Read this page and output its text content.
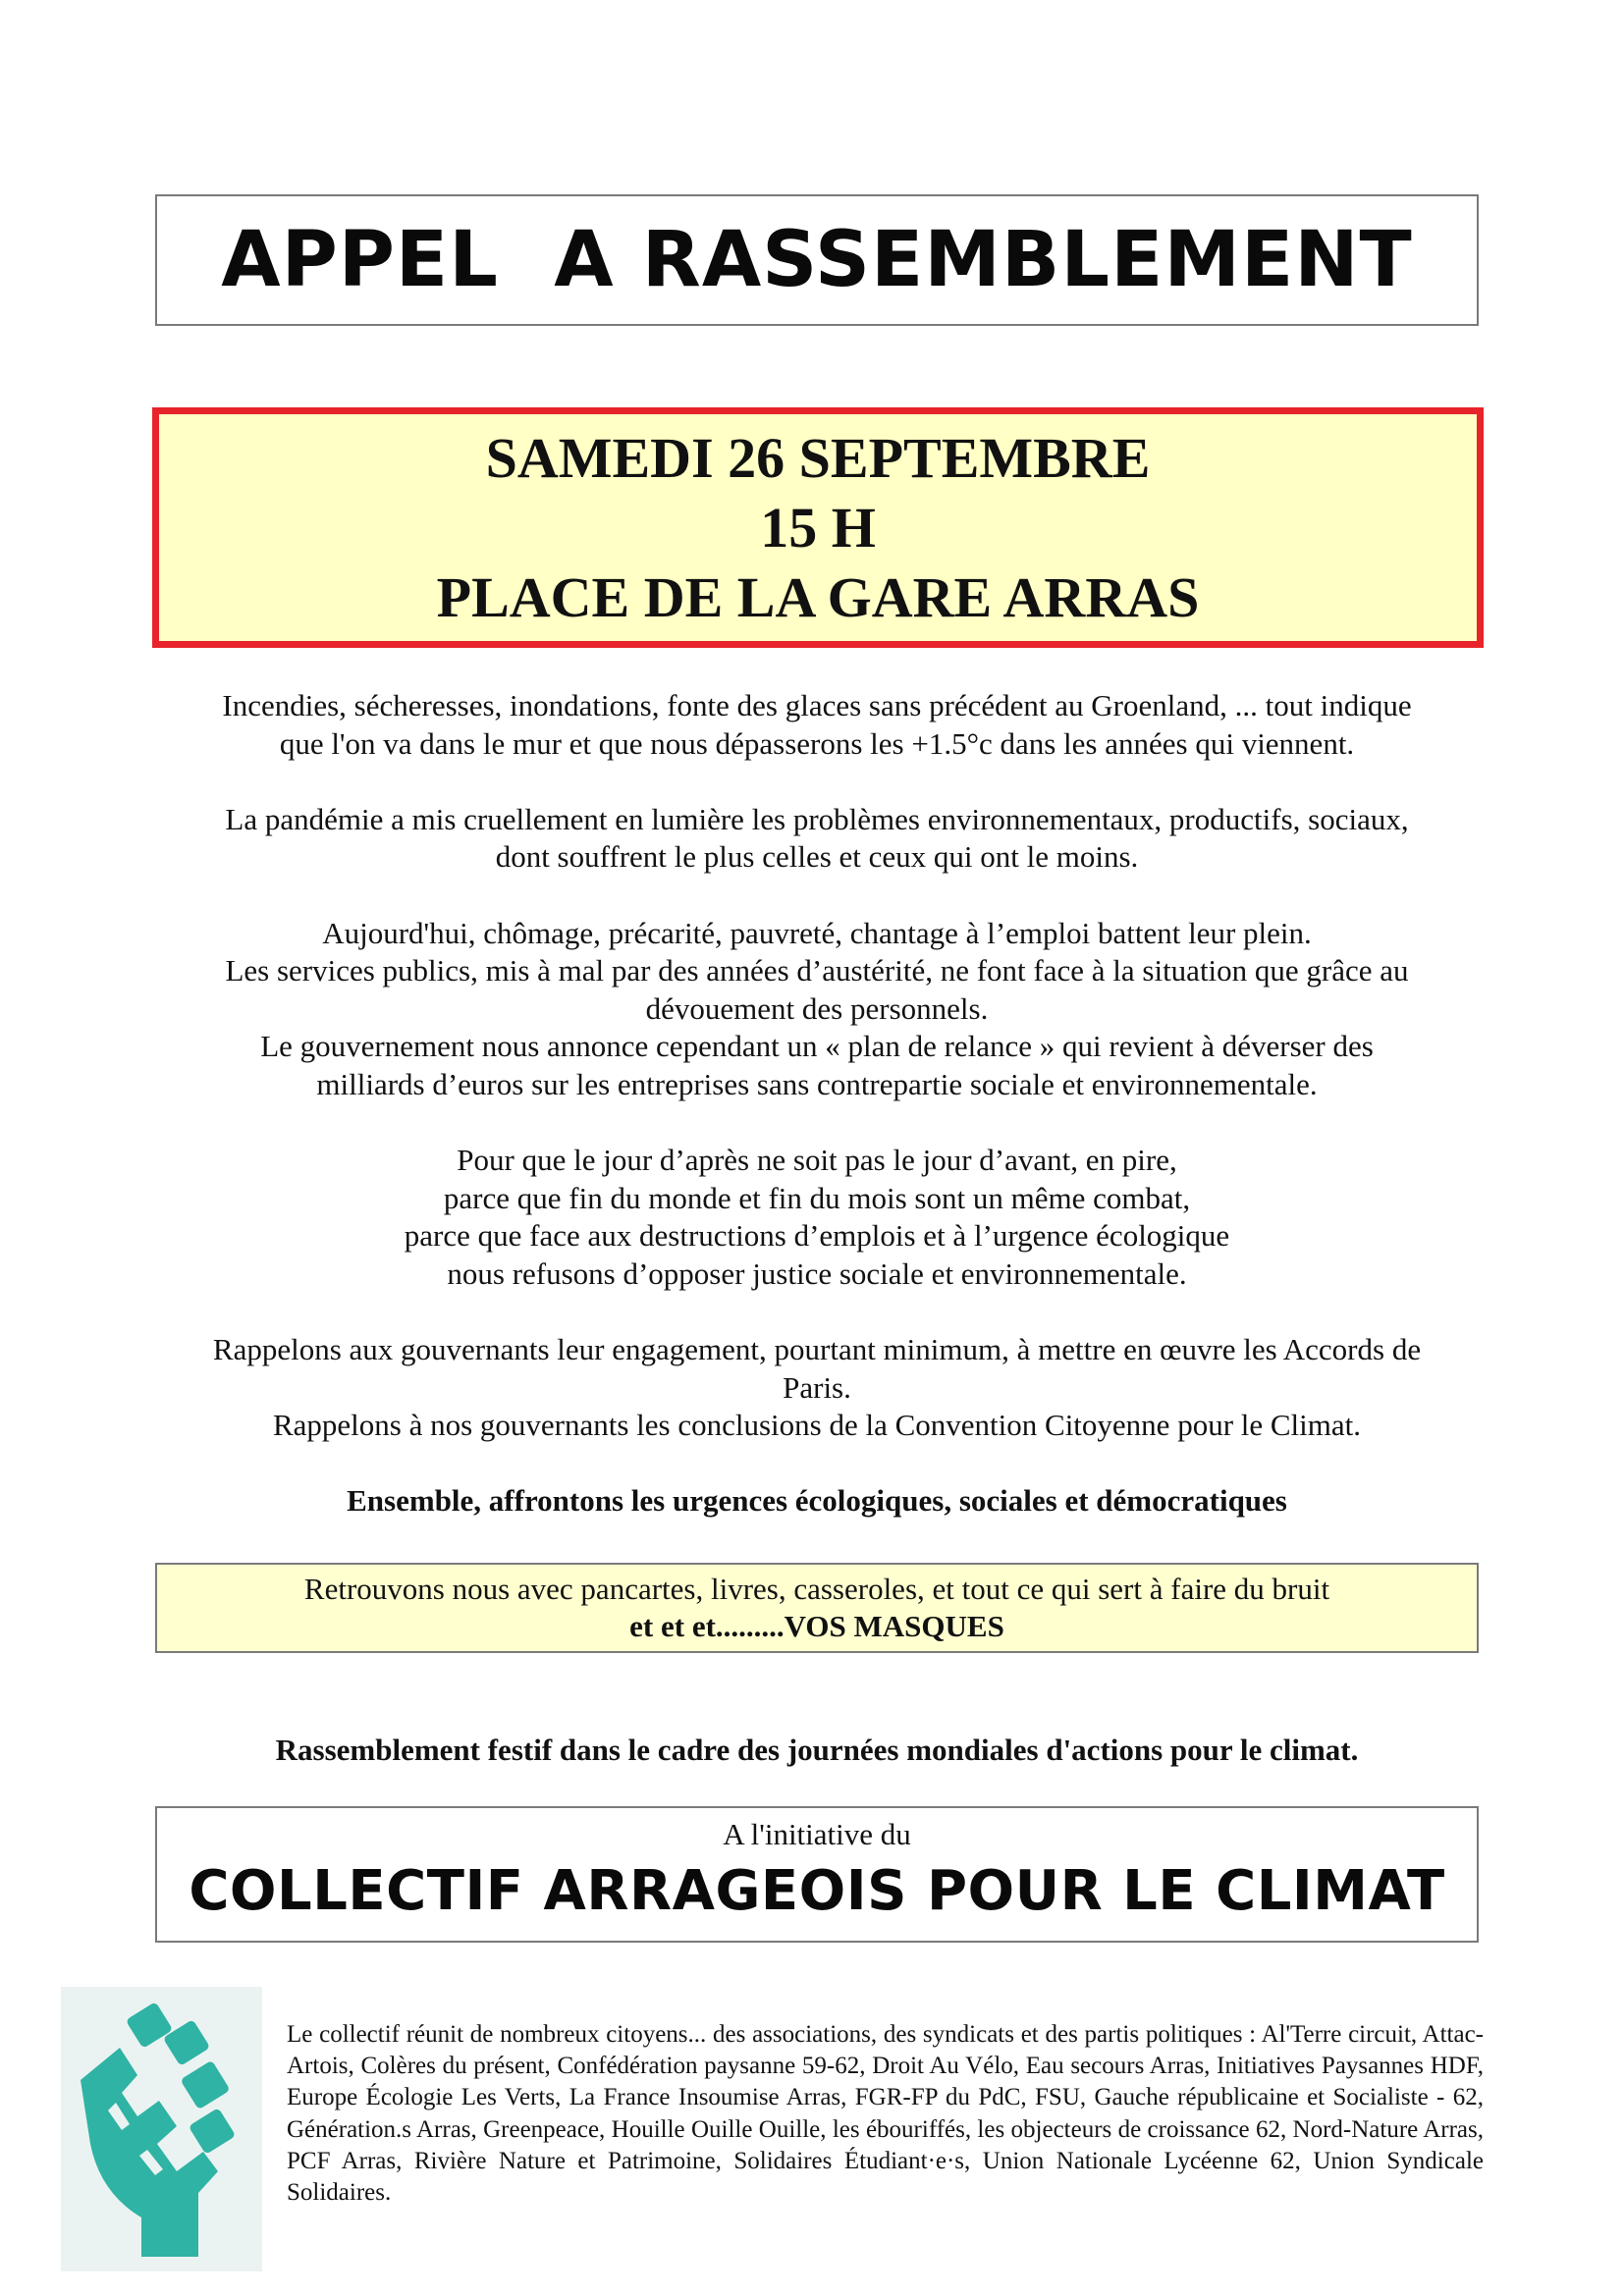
APPEL  A RASSEMBLEMENT
SAMEDI 26 SEPTEMBRE
15 H
PLACE DE LA GARE ARRAS

Incendies, sécheresses, inondations, fonte des glaces sans précédent au Groenland, ... tout indique
que l'on va dans le mur et que nous dépasserons les +1.5°c dans les années qui viennent.

La pandémie a mis cruellement en lumière les problèmes environnementaux, productifs, sociaux,
dont souffrent le plus celles et ceux qui ont le moins.

Aujourd'hui, chômage, précarité, pauvreté, chantage à l’emploi battent leur plein.
Les services publics, mis à mal par des années d’austérité, ne font face à la situation que grâce au
dévouement des personnels.
Le gouvernement nous annonce cependant un « plan de relance » qui revient à déverser des
milliards d’euros sur les entreprises sans contrepartie sociale et environnementale.

Pour que le jour d’après ne soit pas le jour d’avant, en pire,
parce que fin du monde et fin du mois sont un même combat,
parce que face aux destructions d’emplois et à l’urgence écologique
nous refusons d’opposer justice sociale et environnementale.

Rappelons aux gouvernants leur engagement, pourtant minimum, à mettre en œuvre les Accords de
Paris.
Rappelons à nos gouvernants les conclusions de la Convention Citoyenne pour le Climat.

Ensemble, affrontons les urgences écologiques, sociales et démocratiques

Retrouvons nous avec pancartes, livres, casseroles, et tout ce qui sert à faire du bruit
et et et.........VOS MASQUES
Rassemblement festif dans le cadre des journées mondiales d'actions pour le climat.
A l'initiative du
COLLECTIF ARRAGEOIS POUR LE CLIMAT
Le collectif réunit de nombreux citoyens... des associations, des syndicats et des partis politiques : Al'Terre circuit, Attac-Artois, Colères du présent, Confédération paysanne 59-62, Droit Au Vélo, Eau secours Arras, Initiatives Paysannes HDF, Europe Écologie Les Verts, La France Insoumise Arras, FGR-FP du PdC, FSU, Gauche républicaine et Socialiste - 62, Génération.s Arras, Greenpeace, Houille Ouille Ouille, les ébouriffés, les objecteurs de croissance 62, Nord-Nature Arras, PCF Arras, Rivière Nature et Patrimoine, Solidaires Étudiant·e·s, Union Nationale Lycéenne 62, Union Syndicale Solidaires.
